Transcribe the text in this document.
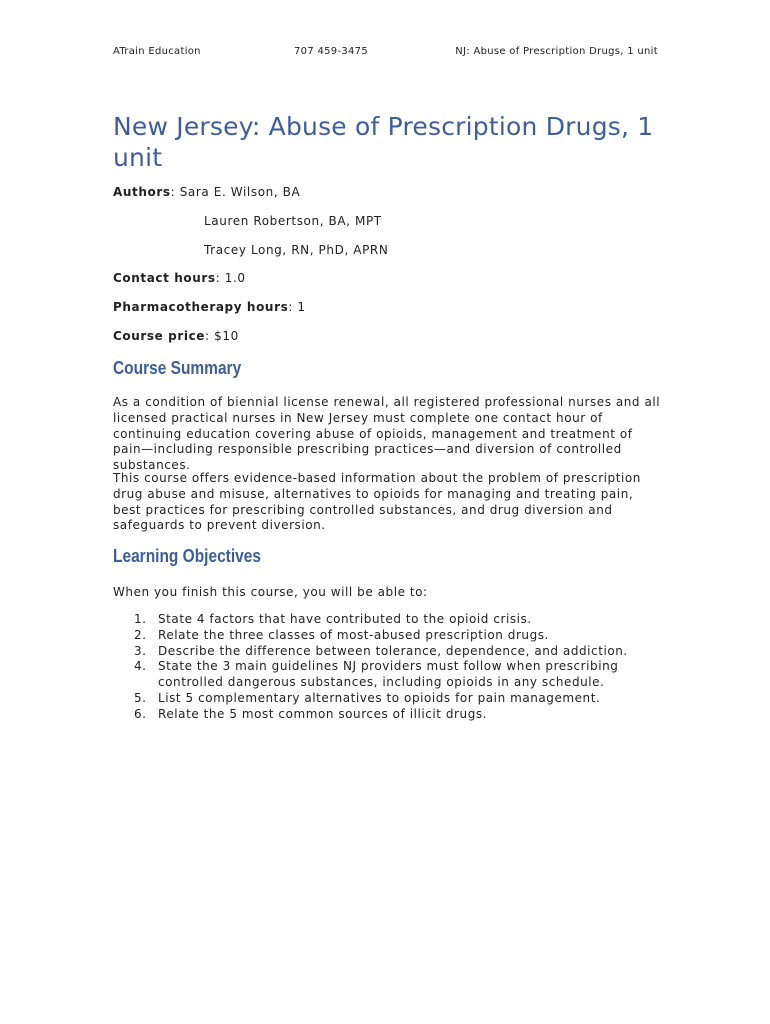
ATrain Education	707 459-3475	NJ: Abuse of Prescription Drugs, 1 unit
New Jersey: Abuse of Prescription Drugs, 1 unit
Authors: Sara E. Wilson, BA
Lauren Robertson, BA, MPT
Tracey Long, RN, PhD, APRN
Contact hours: 1.0
Pharmacotherapy hours: 1
Course price: $10
Course Summary

As a condition of biennial license renewal, all registered professional nurses and all licensed practical nurses in New Jersey must complete one contact hour of continuing education covering abuse of opioids, management and treatment of pain—including responsible prescribing practices—and diversion of controlled substances.

This course offers evidence-based information about the problem of prescription drug abuse and misuse, alternatives to opioids for managing and treating pain, best practices for prescribing controlled substances, and drug diversion and safeguards to prevent diversion.

Learning Objectives

When you finish this course, you will be able to:

1. State 4 factors that have contributed to the opioid crisis.
2. Relate the three classes of most-abused prescription drugs.
3. Describe the difference between tolerance, dependence, and addiction.
4. State the 3 main guidelines NJ providers must follow when prescribing controlled dangerous substances, including opioids in any schedule.
5. List 5 complementary alternatives to opioids for pain management.
6. Relate the 5 most common sources of illicit drugs.
